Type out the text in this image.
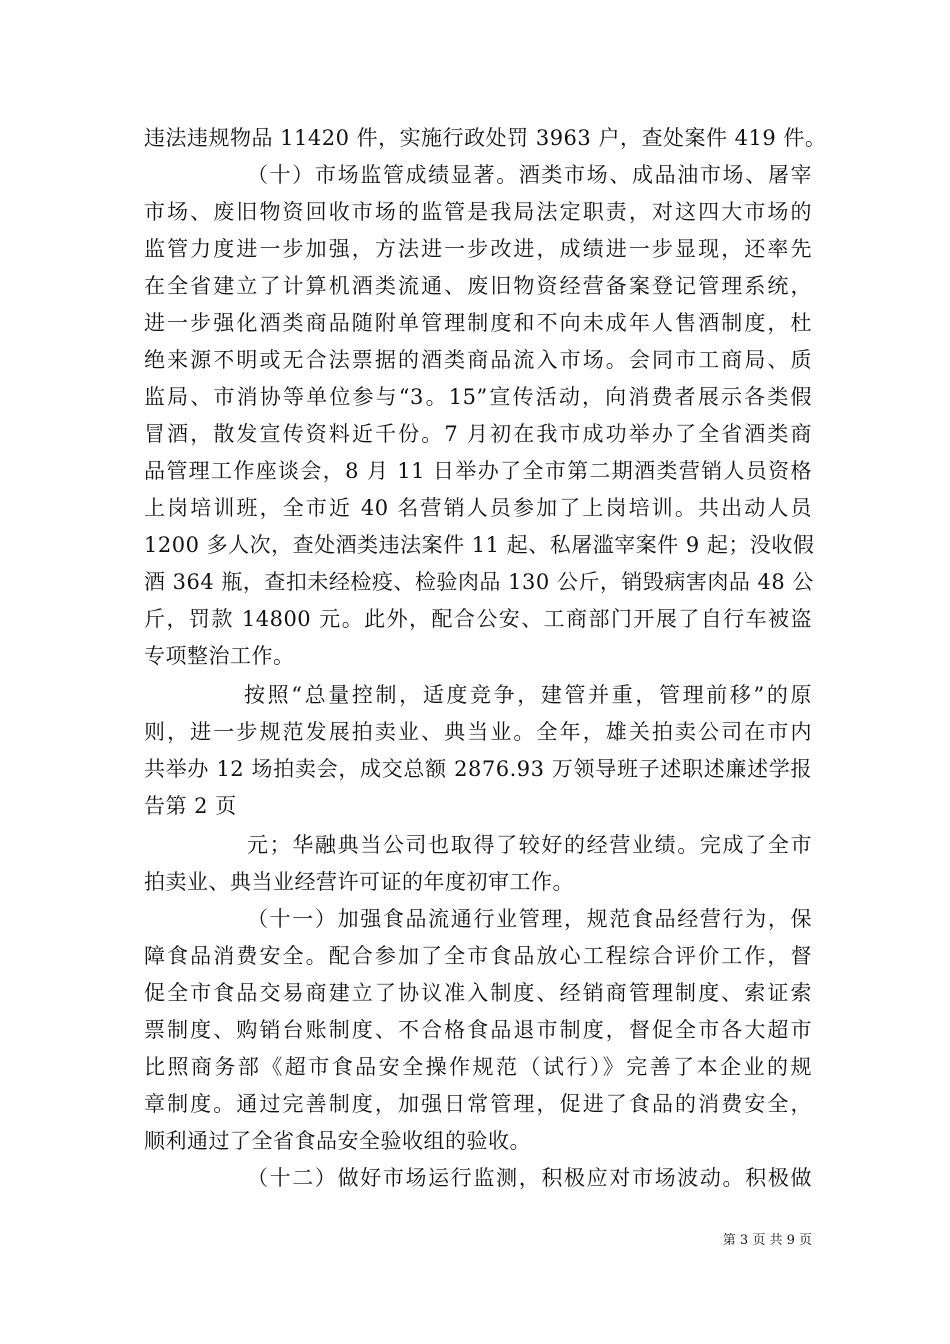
违法违规物品 11420 件，实施行政处罚 3963 户，查处案件 419 件。
（十）市场监管成绩显著。酒类市场、成品油市场、屠宰
市场、废旧物资回收市场的监管是我局法定职责，对这四大市场的
监管力度进一步加强，方法进一步改进，成绩进一步显现，还率先
在全省建立了计算机酒类流通、废旧物资经营备案登记管理系统，
进一步强化酒类商品随附单管理制度和不向未成年人售酒制度，杜
绝来源不明或无合法票据的酒类商品流入市场。会同市工商局、质
监局、市消协等单位参与“3。15”宣传活动，向消费者展示各类假
冒酒，散发宣传资料近千份。7 月初在我市成功举办了全省酒类商
品管理工作座谈会，8 月 11 日举办了全市第二期酒类营销人员资格
上岗培训班，全市近 40 名营销人员参加了上岗培训。共出动人员
1200 多人次，查处酒类违法案件 11 起、私屠滥宰案件 9 起；没收假
酒 364 瓶，查扣未经检疫、检验肉品 130 公斤，销毁病害肉品 48 公
斤，罚款 14800 元。此外，配合公安、工商部门开展了自行车被盗
专项整治工作。
按照“总量控制，适度竞争，建管并重，管理前移”的原
则，进一步规范发展拍卖业、典当业。全年，雄关拍卖公司在市内
共举办 12 场拍卖会，成交总额 2876.93 万领导班子述职述廉述学报
告第 2 页
元；华融典当公司也取得了较好的经营业绩。完成了全市
拍卖业、典当业经营许可证的年度初审工作。
（十一）加强食品流通行业管理，规范食品经营行为，保
障食品消费安全。配合参加了全市食品放心工程综合评价工作，督
促全市食品交易商建立了协议准入制度、经销商管理制度、索证索
票制度、购销台账制度、不合格食品退市制度，督促全市各大超市
比照商务部《超市食品安全操作规范（试行）》完善了本企业的规
章制度。通过完善制度，加强日常管理，促进了食品的消费安全，
顺利通过了全省食品安全验收组的验收。
（十二）做好市场运行监测，积极应对市场波动。积极做
第 3 页 共 9 页
